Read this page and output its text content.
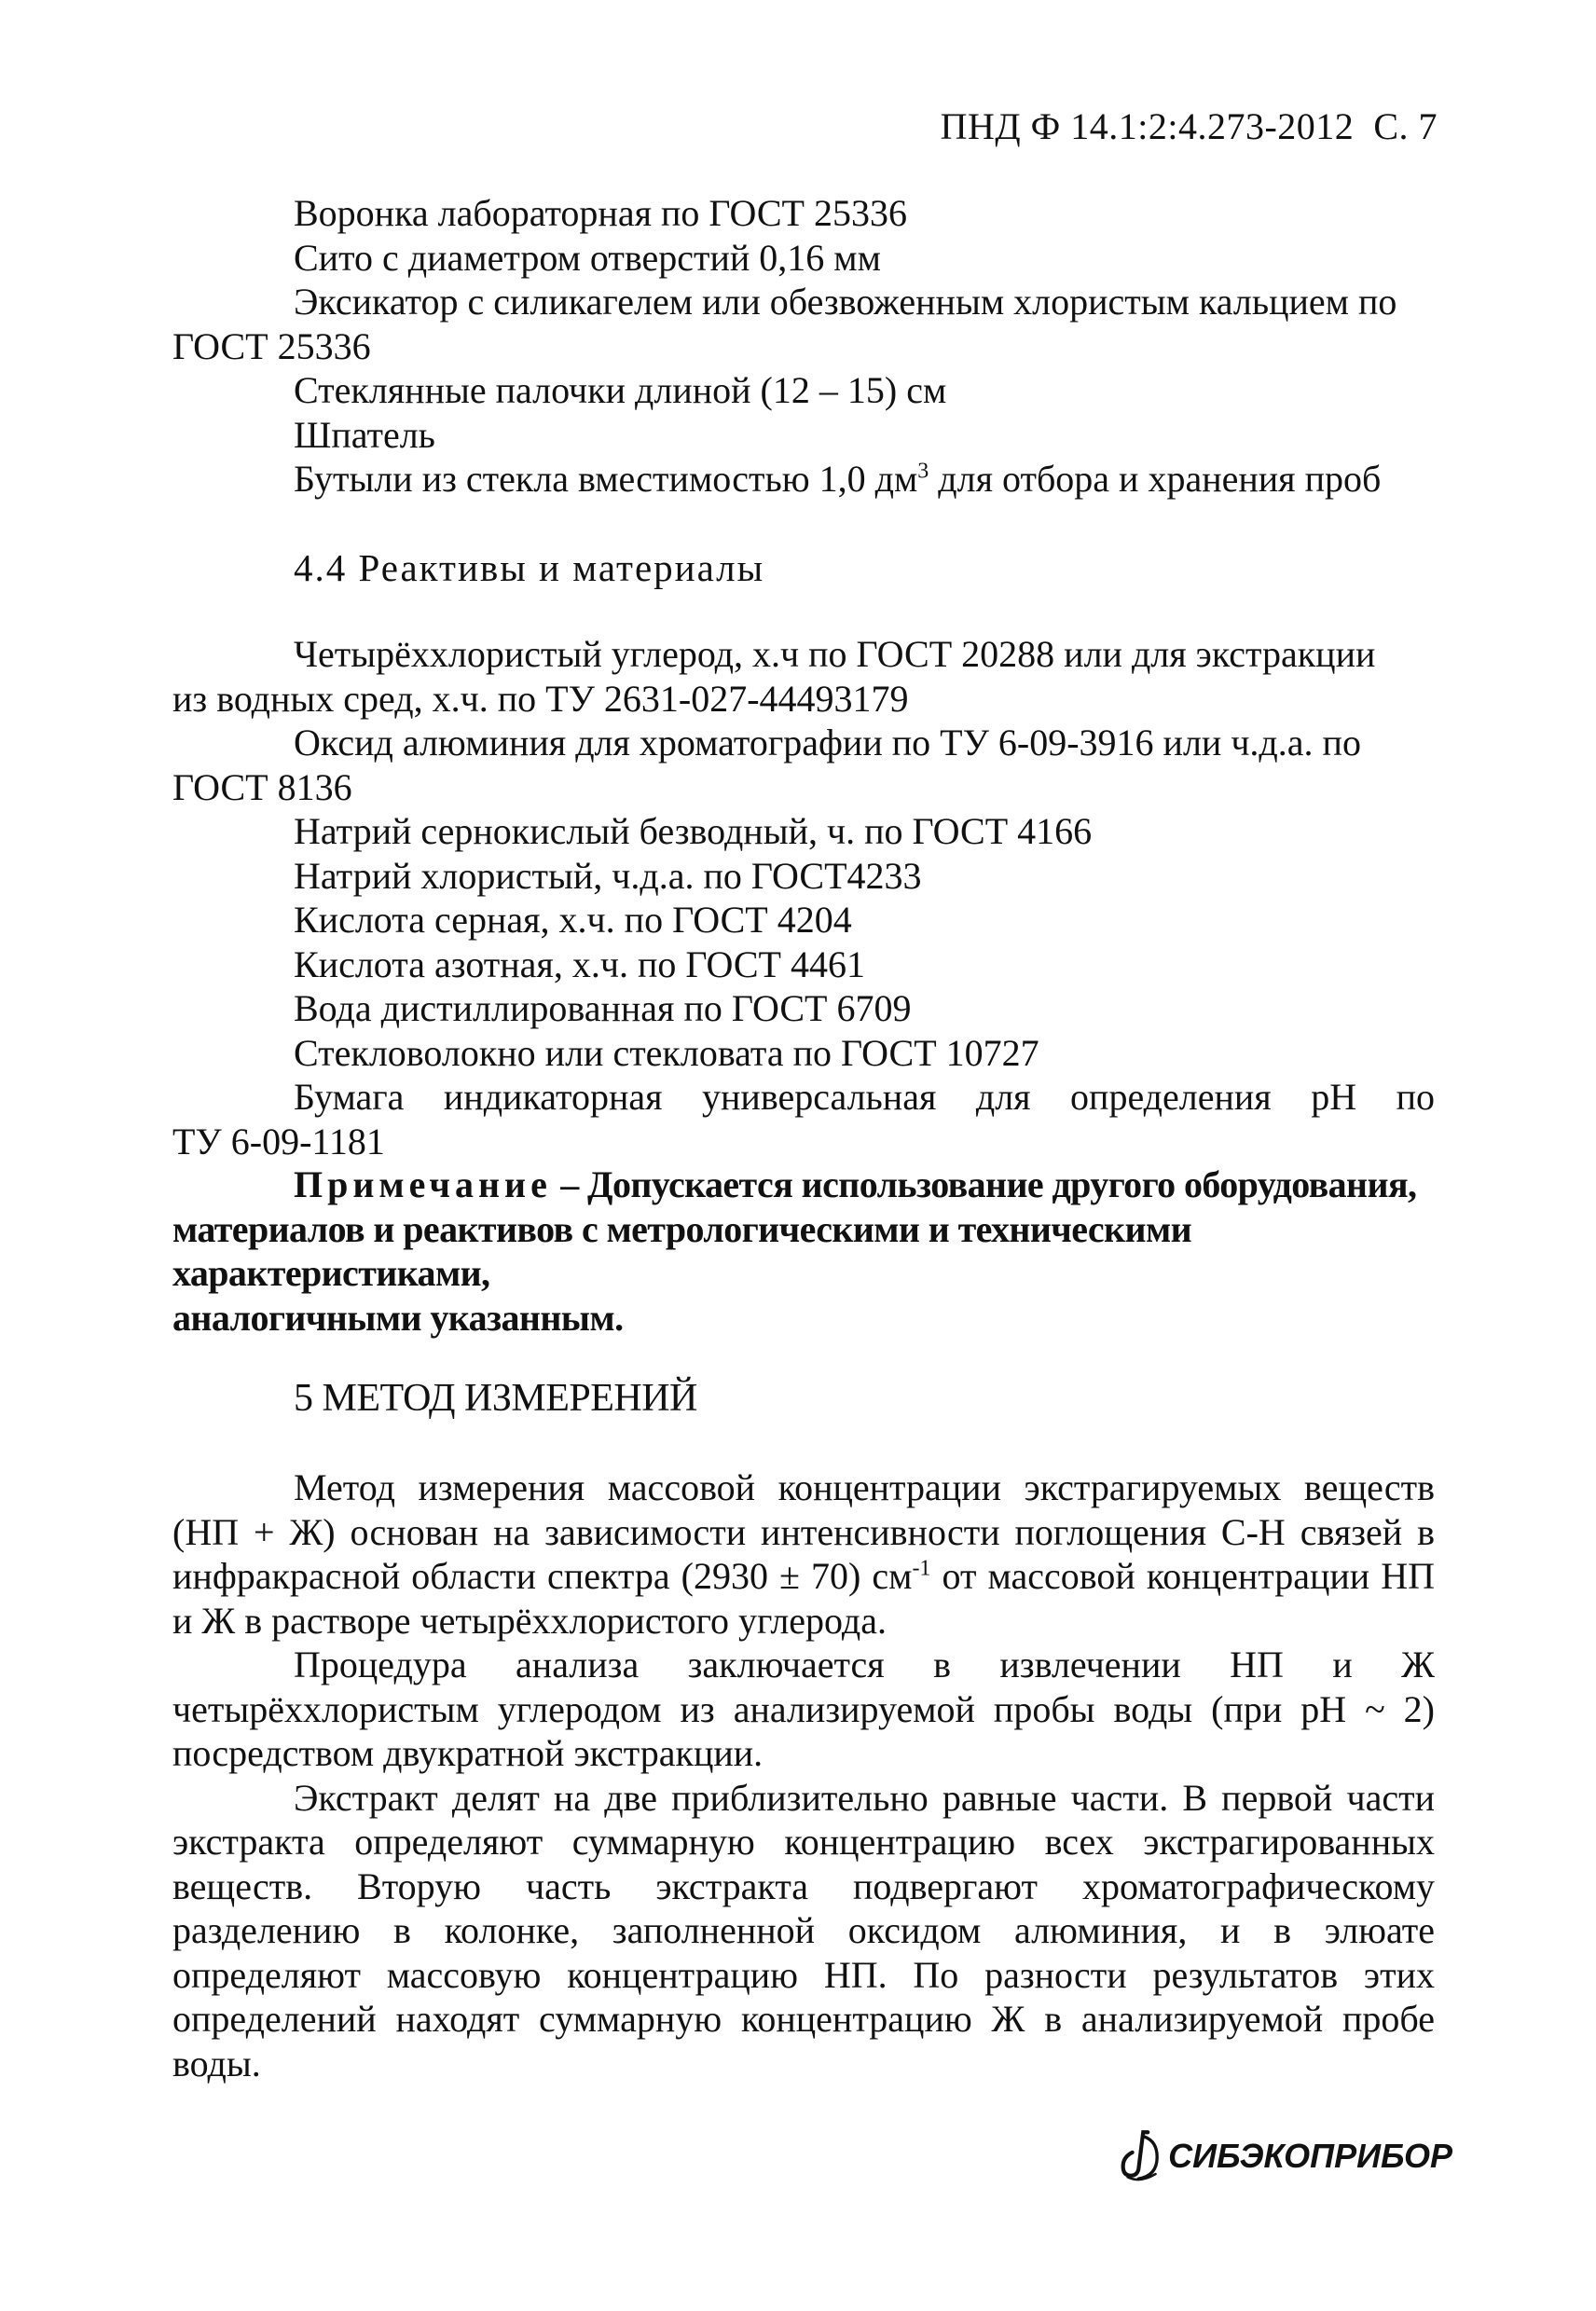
ПНД Ф 14.1:2:4.273-2012 С. 7
Воронка лабораторная по ГОСТ 25336
Сито с диаметром отверстий 0,16 мм
Эксикатор с силикагелем или обезвоженным хлористым кальцием по
ГОСТ 25336
Стеклянные палочки длиной (12 – 15) см
Шпатель
Бутыли из стекла вместимостью 1,0 $дм^3$ для отбора и хранения проб
4.4 Реактивы и материалы
Четырёххлористый углерод, х.ч по ГОСТ 20288 или для экстракции
из водных сред, х.ч. по ТУ 2631-027-44493179
Оксид алюминия для хроматографии по ТУ 6-09-3916 или ч.д.а. по
ГОСТ 8136
Натрий сернокислый безводный, ч. по ГОСТ 4166
Натрий хлористый, ч.д.а. по ГОСТ4233
Кислота серная, х.ч. по ГОСТ 4204
Кислота азотная, х.ч. по ГОСТ 4461
Вода дистиллированная по ГОСТ 6709
Стекловолокно или стекловата по ГОСТ 10727
Бумага индикаторная универсальная для определения pH по
ТУ 6-09-1181
Примечание – Допускается использование другого оборудования,
материалов и реактивов с метрологическими и техническими характеристиками,
аналогичными указанным.
5 МЕТОД ИЗМЕРЕНИЙ
Метод измерения массовой концентрации экстрагируемых веществ
(НП + Ж) основан на зависимости интенсивности поглощения С-Н связей в
инфракрасной области спектра (2930 ± 70) $см^{-1}$ от массовой концентрации НП
и Ж в растворе четырёххлористого углерода.
Процедура анализа заключается в извлечении НП и Ж
четырёххлористым углеродом из анализируемой пробы воды (при pH ~ 2)
посредством двукратной экстракции.
Экстракт делят на две приблизительно равные части. В первой части
экстракта определяют суммарную концентрацию всех экстрагированных
веществ. Вторую часть экстракта подвергают хроматографическому
разделению в колонке, заполненной оксидом алюминия, и в элюате
определяют массовую концентрацию НП. По разности результатов этих
определений находят суммарную концентрацию Ж в анализируемой пробе
воды.
СИБЭКОПРИБОР
